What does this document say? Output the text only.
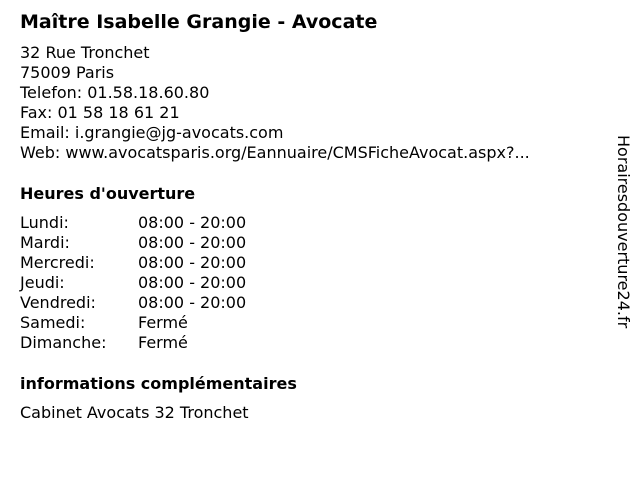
Maître Isabelle Grangie - Avocate
32 Rue Tronchet
75009 Paris
Telefon: 01.58.18.60.80
Fax: 01 58 18 61 21
Email: i.grangie@jg-avocats.com
Web: www.avocatsparis.org/Eannuaire/CMSFicheAvocat.aspx?...
Heures d'ouverture
Lundi:	08:00 - 20:00
Mardi:	08:00 - 20:00
Mercredi:	08:00 - 20:00
Jeudi:	08:00 - 20:00
Vendredi:	08:00 - 20:00
Samedi:	Fermé
Dimanche: Fermé
informations complémentaires
Cabinet Avocats 32 Tronchet
Horairesdouverture24.fr
